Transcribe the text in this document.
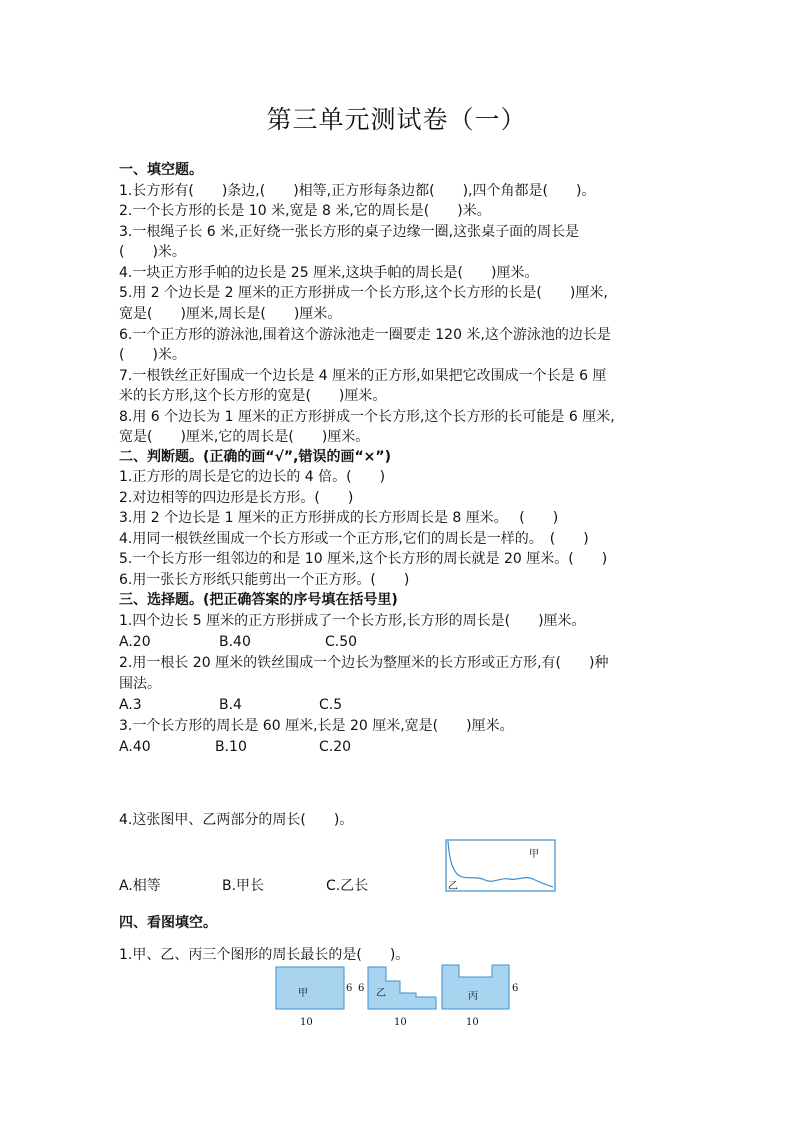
第三单元测试卷（一）
一、填空题。
1.长方形有(　　)条边,(　　)相等,正方形每条边都(　　),四个角都是(　　)。
2.一个长方形的长是 10 米,宽是 8 米,它的周长是(　　)米。
3.一根绳子长 6 米,正好绕一张长方形的桌子边缘一圈,这张桌子面的周长是
(　　)米。
4.一块正方形手帕的边长是 25 厘米,这块手帕的周长是(　　)厘米。
5.用 2 个边长是 2 厘米的正方形拼成一个长方形,这个长方形的长是(　　)厘米,
宽是(　　)厘米,周长是(　　)厘米。
6.一个正方形的游泳池,围着这个游泳池走一圈要走 120 米,这个游泳池的边长是
(　　)米。
7.一根铁丝正好围成一个边长是 4 厘米的正方形,如果把它改围成一个长是 6 厘
米的长方形,这个长方形的宽是(　　)厘米。
8.用 6 个边长为 1 厘米的正方形拼成一个长方形,这个长方形的长可能是 6 厘米,
宽是(　　)厘米,它的周长是(　　)厘米。
二、判断题。(正确的画“√”,错误的画“×”)
1.正方形的周长是它的边长的 4 倍。(　　)
2.对边相等的四边形是长方形。(　　)
3.用 2 个边长是 1 厘米的正方形拼成的长方形周长是 8 厘米。　 (　　)
4.用同一根铁丝围成一个长方形或一个正方形,它们的周长是一样的。　(　　)
5.一个长方形一组邻边的和是 10 厘米,这个长方形的周长就是 20 厘米。(　　)
6.用一张长方形纸只能剪出一个正方形。(　　)
三、选择题。(把正确答案的序号填在括号里)
1.四个边长 5 厘米的正方形拼成了一个长方形,长方形的周长是(　　)厘米。
A.20	B.40	C.50
2.用一根长 20 厘米的铁丝围成一个边长为整厘米的长方形或正方形,有(　　)种
围法。
A.3	B.4	C.5
3.一个长方形的周长是 60 厘米,长是 20 厘米,宽是(　　)厘米。
A.40	B.10	C.20
4.这张图甲、乙两部分的周长(　　)。
A.相等	B.甲长	C.乙长
甲
乙
四、看图填空。
1.甲、乙、丙三个图形的周长最长的是(　　)。
甲	6
10
6 乙
10
丙
6
10
